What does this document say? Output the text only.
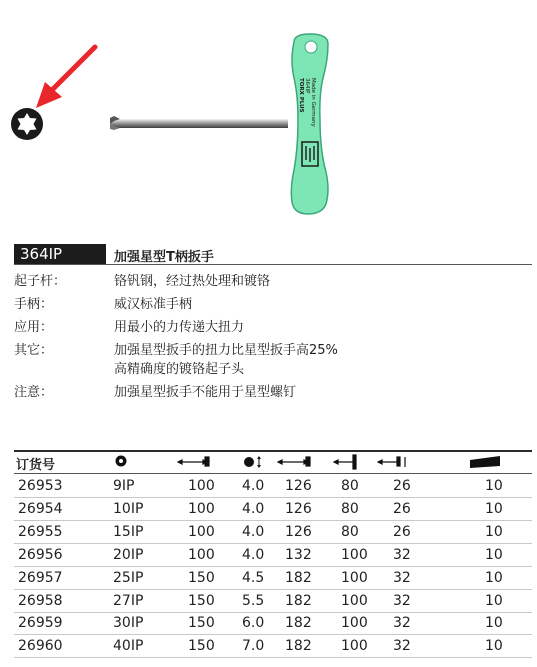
TORX PLUS 364IP Made in Germany
364IP	加强星型T柄扳手
起子杆：	铬钒钢，经过热处理和镀铬
手柄：	威汉标准手柄
应用：	用最小的力传递大扭力
其它：	加强星型扳手的扭力比星型扳手高25%
高精确度的镀铬起子头
注意：	加强星型扳手不能用于星型螺钉
订货号
26953	9IP	100 4.0 126 80 26	10
26954	10IP	100 4.0 126 80 26	10
26955	15IP	100 4.0 126 80 26	10
26956	20IP	100 4.0 132 100 32	10
26957	25IP	150 4.5 182 100 32	10
26958	27IP	150 5.5 182 100 32	10
26959	30IP	150 6.0 182 100 32	10
26960	40IP	150 7.0 182 100 32	10
